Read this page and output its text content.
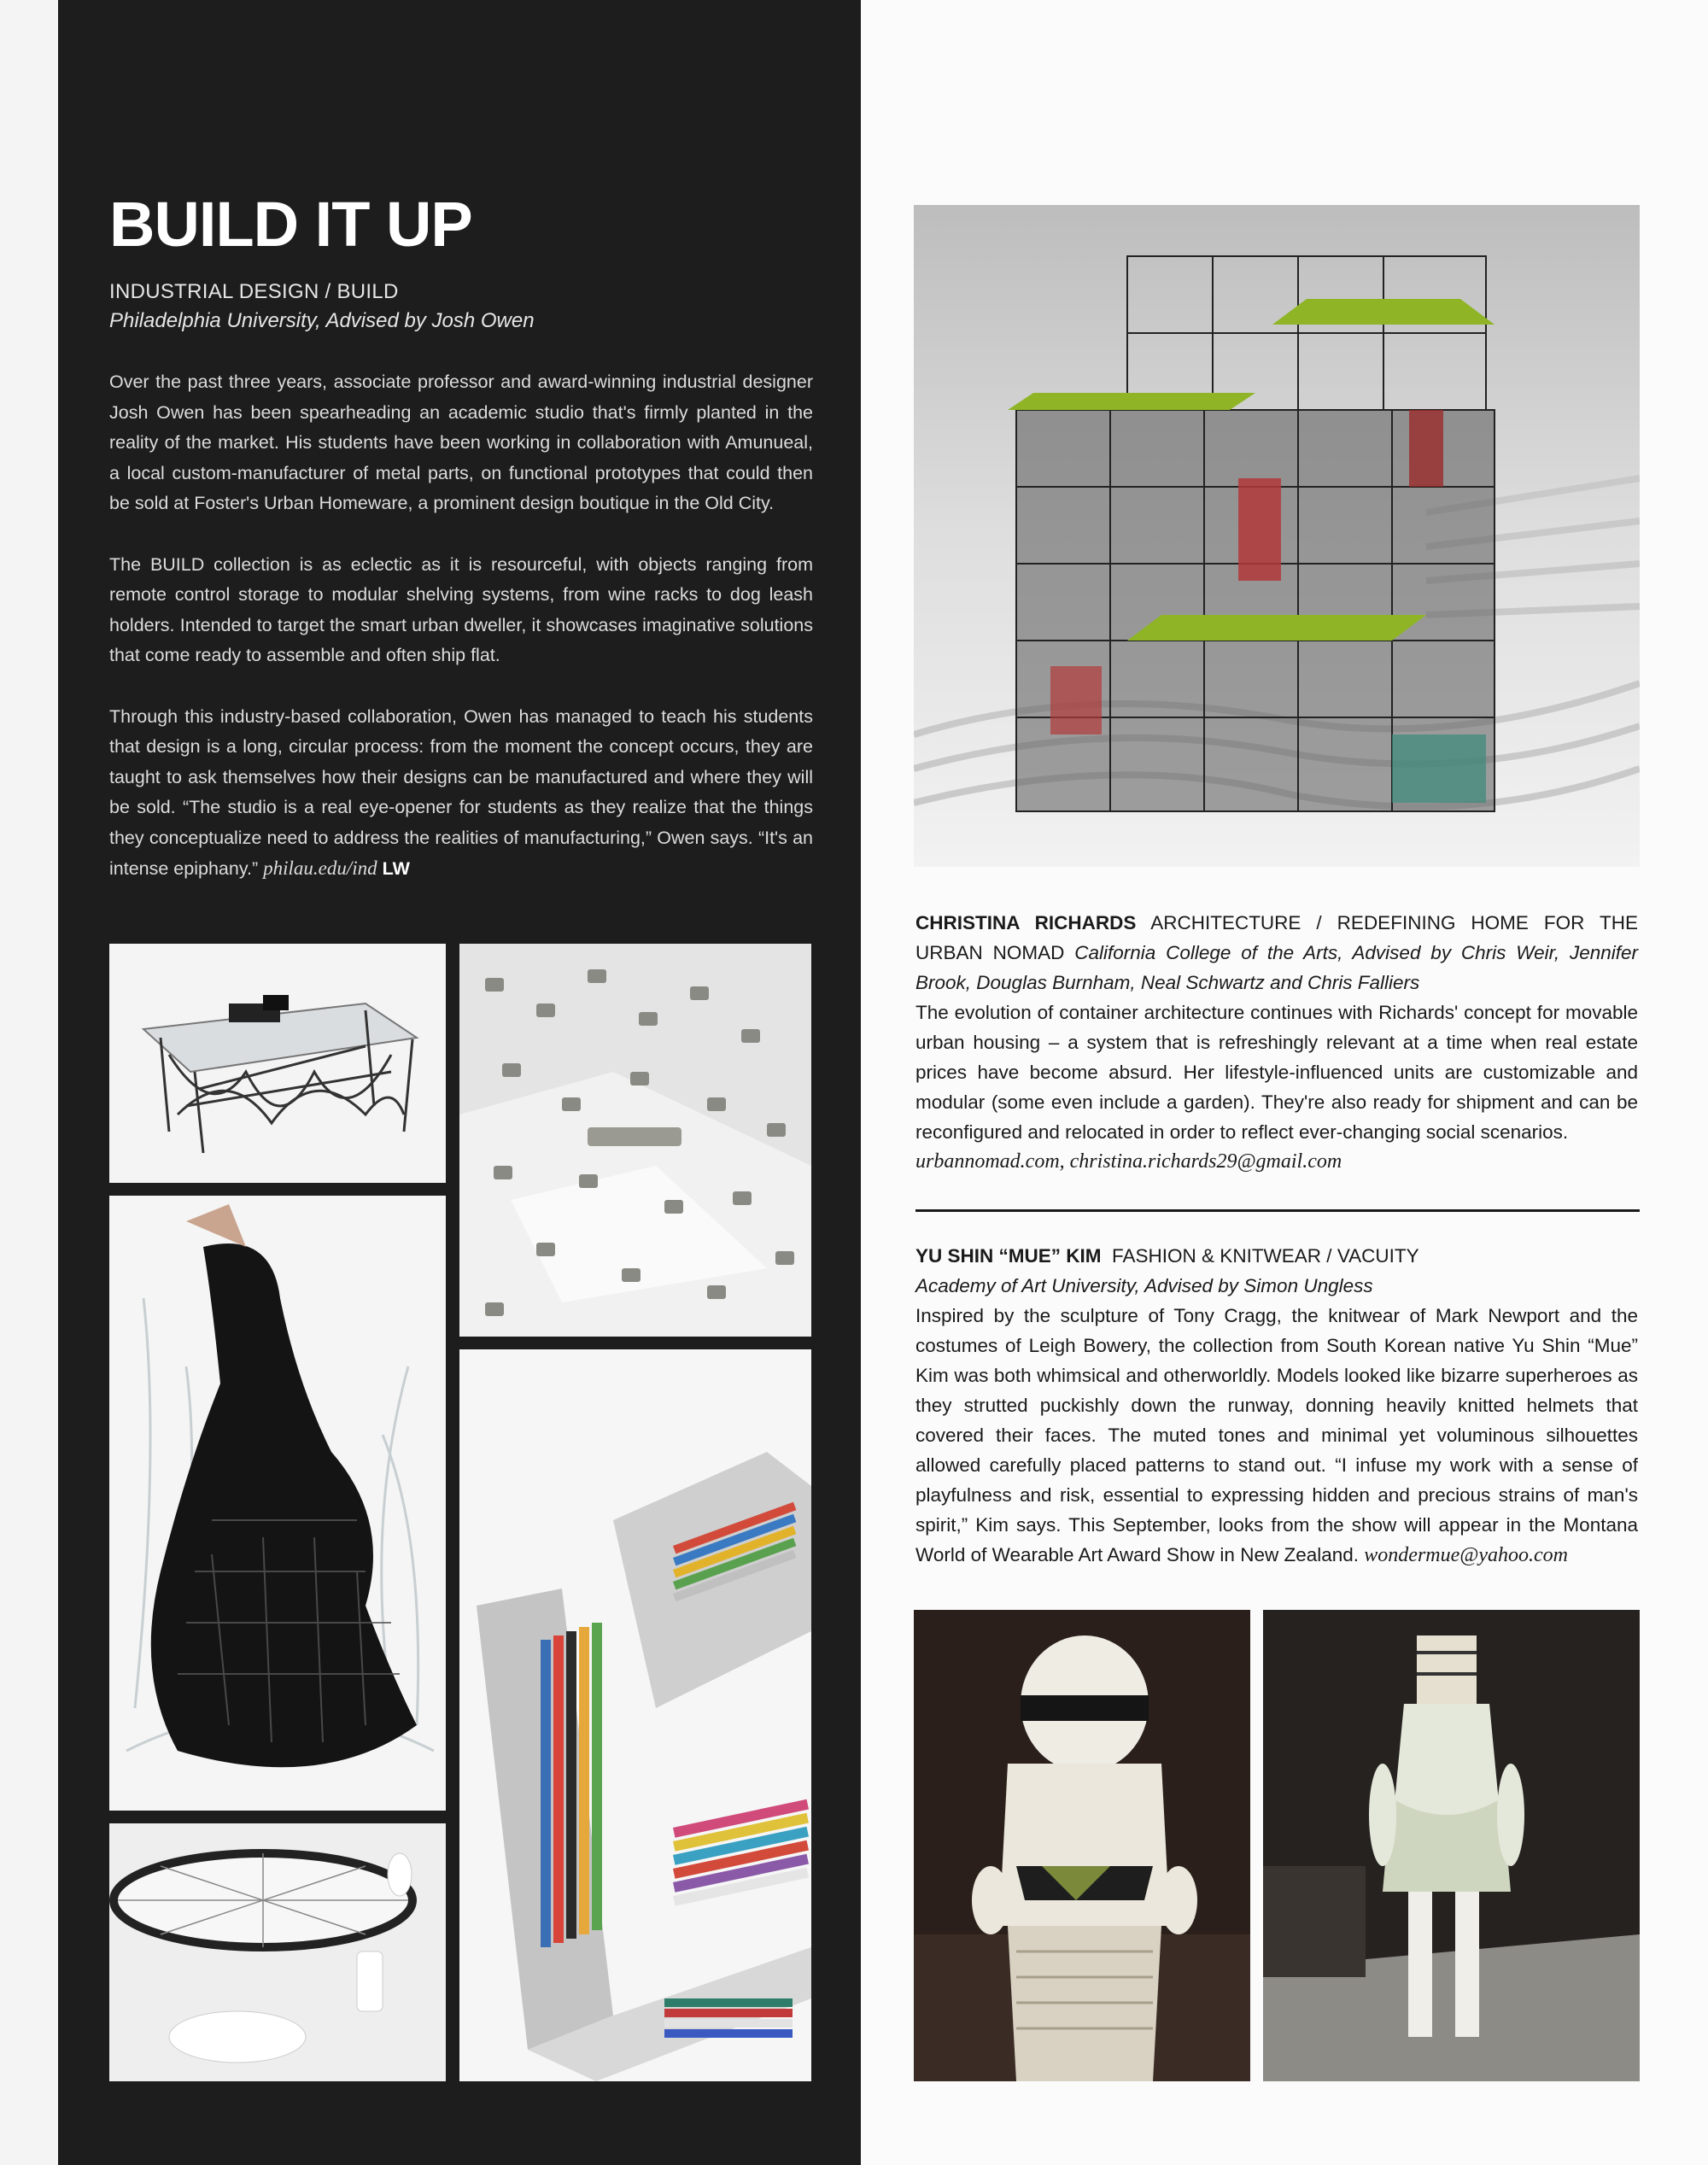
BUILD IT UP
INDUSTRIAL DESIGN / BUILD
Philadelphia University, Advised by Josh Owen

Over the past three years, associate professor and award-winning industrial designer Josh Owen has been spearheading an academic studio that's firmly planted in the reality of the market. His students have been working in collaboration with Amunueal, a local custom-manufacturer of metal parts, on functional prototypes that could then be sold at Foster's Urban Homeware, a prominent design boutique in the Old City.

The BUILD collection is as eclectic as it is resourceful, with objects ranging from remote control storage to modular shelving systems, from wine racks to dog leash holders. Intended to target the smart urban dweller, it showcases imaginative solutions that come ready to assemble and often ship flat.

Through this industry-based collaboration, Owen has managed to teach his students that design is a long, circular process: from the moment the concept occurs, they are taught to ask themselves how their designs can be manufactured and where they will be sold. “The studio is a real eye-opener for students as they realize that the things they conceptualize need to address the realities of manufacturing,” Owen says. “It's an intense epiphany.” philau.edu/ind LW

CHRISTINA RICHARDS ARCHITECTURE / REDEFINING HOME FOR THE URBAN NOMAD California College of the Arts, Advised by Chris Weir, Jennifer Brook, Douglas Burnham, Neal Schwartz and Chris Falliers
The evolution of container architecture continues with Richards' concept for movable urban housing – a system that is refreshingly relevant at a time when real estate prices have become absurd. Her lifestyle-influenced units are customizable and modular (some even include a garden). They're also ready for shipment and can be reconfigured and relocated in order to reflect ever-changing social scenarios.
urbannomad.com, christina.richards29@gmail.com
YU SHIN “MUE” KIM FASHION & KNITWEAR / VACUITY
Academy of Art University, Advised by Simon Ungless
Inspired by the sculpture of Tony Cragg, the knitwear of Mark Newport and the costumes of Leigh Bowery, the collection from South Korean native Yu Shin “Mue” Kim was both whimsical and otherworldly. Models looked like bizarre superheroes as they strutted puckishly down the runway, donning heavily knitted helmets that covered their faces. The muted tones and minimal yet voluminous silhouettes allowed carefully placed patterns to stand out. “I infuse my work with a sense of playfulness and risk, essential to expressing hidden and precious strains of man's spirit,” Kim says. This September, looks from the show will appear in the Montana World of Wearable Art Award Show in New Zealand. wondermue@yahoo.com
